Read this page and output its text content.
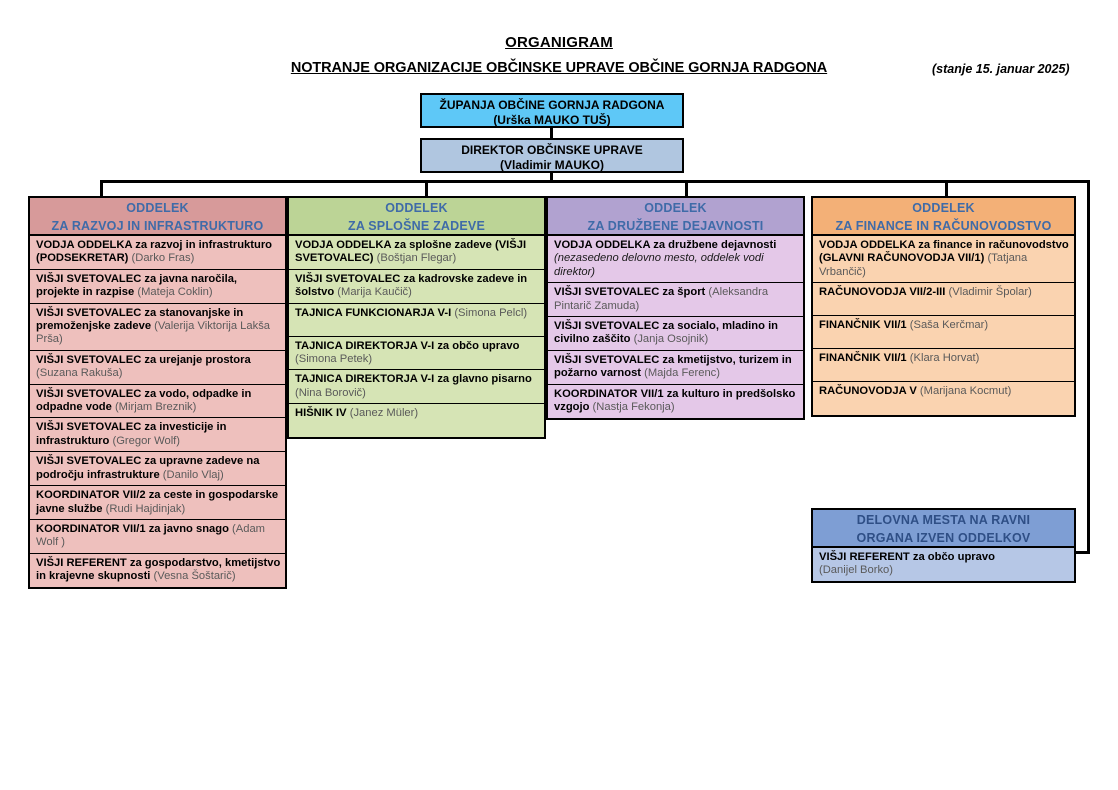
ORGANIGRAM
NOTRANJE ORGANIZACIJE OBČINSKE UPRAVE OBČINE GORNJA RADGONA	(stanje 15. januar 2025)
ŽUPANJA OBČINE GORNJA RADGONA
(Urška MAUKO TUŠ)
DIREKTOR OBČINSKE UPRAVE
(Vladimir MAUKO)
ODDELEK
ZA RAZVOJ IN INFRASTRUKTURO
VODJA ODDELKA za razvoj in infrastrukturo (PODSEKRETAR) (Darko Fras)
VIŠJI SVETOVALEC za javna naročila, projekte in razpise (Mateja Coklin)
VIŠJI SVETOVALEC za stanovanjske in premoženjske zadeve (Valerija Viktorija Lakša Prša)
VIŠJI SVETOVALEC za urejanje prostora (Suzana Rakuša)
VIŠJI SVETOVALEC za vodo, odpadke in odpadne vode (Mirjam Breznik)
VIŠJI SVETOVALEC za investicije in infrastrukturo (Gregor Wolf)
VIŠJI SVETOVALEC za upravne zadeve na področju infrastrukture (Danilo Vlaj)
KOORDINATOR VII/2 za ceste in gospodarske javne službe (Rudi Hajdinjak)
KOORDINATOR VII/1 za javno snago (Adam Wolf )
VIŠJI REFERENT za gospodarstvo, kmetijstvo in krajevne skupnosti (Vesna Šoštarič)
ODDELEK
ZA SPLOŠNE ZADEVE
VODJA ODDELKA za splošne zadeve (VIŠJI SVETOVALEC) (Boštjan Flegar)
VIŠJI SVETOVALEC za kadrovske zadeve in šolstvo (Marija Kaučič)
TAJNICA FUNKCIONARJA V-I (Simona Pelcl)
TAJNICA DIREKTORJA V-I za občo upravo (Simona Petek)
TAJNICA DIREKTORJA V-I za glavno pisarno (Nina Borovič)
HIŠNIK IV (Janez Müler)
ODDELEK
ZA DRUŽBENE DEJAVNOSTI
VODJA ODDELKA za družbene dejavnosti
(nezasedeno delovno mesto, oddelek vodi direktor)
VIŠJI SVETOVALEC za šport (Aleksandra Pintarič Zamuda)
VIŠJI SVETOVALEC za socialo, mladino in civilno zaščito (Janja Osojnik)
VIŠJI SVETOVALEC za kmetijstvo, turizem in požarno varnost (Majda Ferenc)
KOORDINATOR VII/1 za kulturo in predšolsko vzgojo (Nastja Fekonja)
ODDELEK
ZA FINANCE IN RAČUNOVODSTVO
VODJA ODDELKA za finance in računovodstvo (GLAVNI RAČUNOVODJA VII/1) (Tatjana Vrbančič)
RAČUNOVODJA VII/2-III (Vladimir Špolar)
FINANČNIK VII/1 (Saša Kerčmar)
FINANČNIK VII/1 (Klara Horvat)
RAČUNOVODJA V (Marijana Kocmut)
DELOVNA MESTA NA RAVNI
ORGANA IZVEN ODDELKOV
VIŠJI REFERENT za občo upravo
(Danijel Borko)
